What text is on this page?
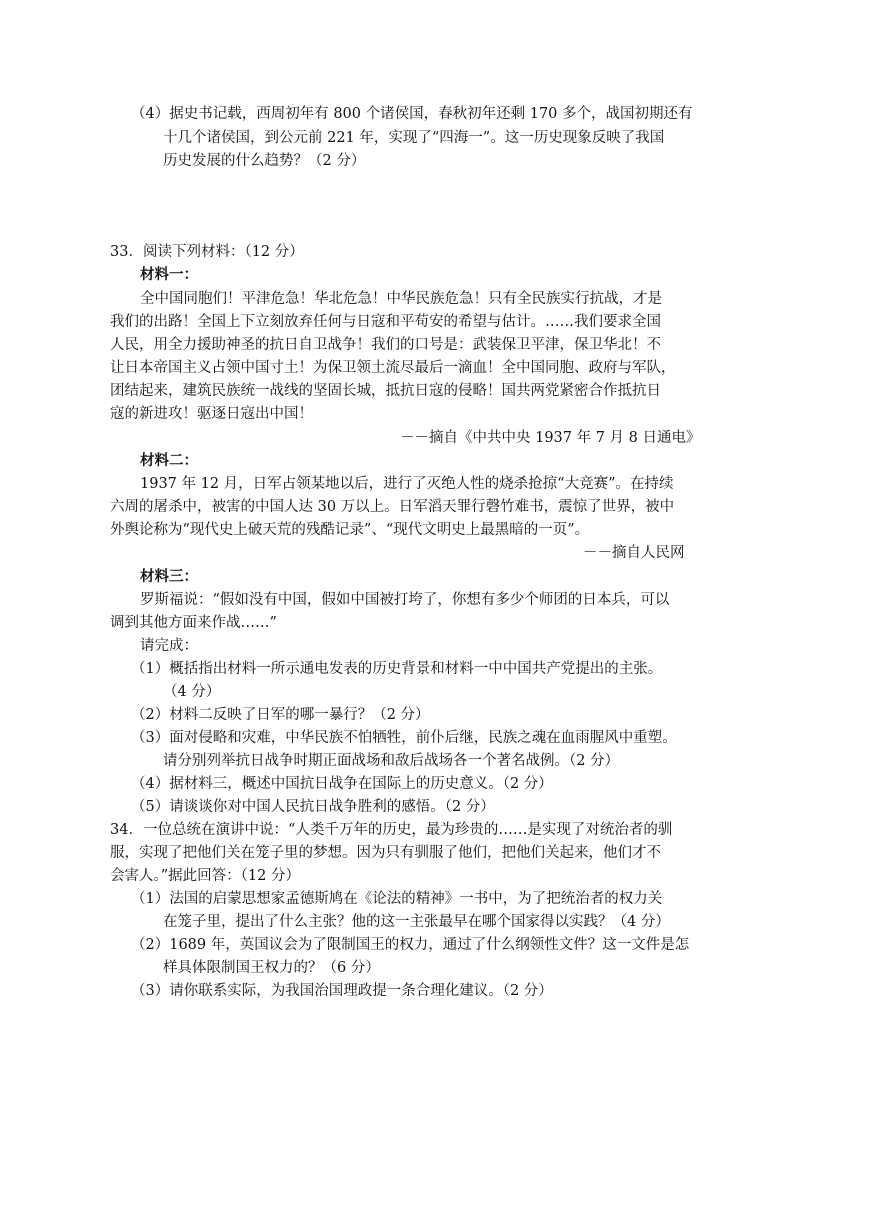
（4）据史书记载，西周初年有 800 个诸侯国，春秋初年还剩 170 多个，战国初期还有
十几个诸侯国，到公元前 221 年，实现了“四海一”。这一历史现象反映了我国
历史发展的什么趋势？（2 分）
33．阅读下列材料：（12 分）
材料一：
全中国同胞们！平津危急！华北危急！中华民族危急！只有全民族实行抗战，才是
我们的出路！全国上下立刻放弃任何与日寇和平苟安的希望与估计。……我们要求全国
人民，用全力援助神圣的抗日自卫战争！我们的口号是：武装保卫平津，保卫华北！不
让日本帝国主义占领中国寸土！为保卫领土流尽最后一滴血！全中国同胞、政府与军队，
团结起来，建筑民族统一战线的坚固长城，抵抗日寇的侵略！国共两党紧密合作抵抗日
寇的新进攻！驱逐日寇出中国！
－－摘自《中共中央 1937 年 7 月 8 日通电》
材料二：
1937 年 12 月，日军占领某地以后，进行了灭绝人性的烧杀抢掠“大竞赛”。在持续
六周的屠杀中，被害的中国人达 30 万以上。日军滔天罪行磬竹难书，震惊了世界，被中
外舆论称为“现代史上破天荒的残酷记录”、“现代文明史上最黑暗的一页”。
－－摘自人民网
材料三：
罗斯福说：“假如没有中国，假如中国被打垮了，你想有多少个师团的日本兵，可以
调到其他方面来作战……”
请完成：
（1）概括指出材料一所示通电发表的历史背景和材料一中中国共产党提出的主张。
（4 分）
（2）材料二反映了日军的哪一暴行？（2 分）
（3）面对侵略和灾难，中华民族不怕牺牲，前仆后继，民族之魂在血雨腥风中重塑。
请分别列举抗日战争时期正面战场和敌后战场各一个著名战例。（2 分）
（4）据材料三，概述中国抗日战争在国际上的历史意义。（2 分）
（5）请谈谈你对中国人民抗日战争胜利的感悟。（2 分）
34．一位总统在演讲中说：“人类千万年的历史，最为珍贵的……是实现了对统治者的驯
服，实现了把他们关在笼子里的梦想。因为只有驯服了他们，把他们关起来，他们才不
会害人。”据此回答：（12 分）
（1）法国的启蒙思想家孟德斯鸠在《论法的精神》一书中，为了把统治者的权力关
在笼子里，提出了什么主张？他的这一主张最早在哪个国家得以实践？（4 分）
（2）1689 年，英国议会为了限制国王的权力，通过了什么纲领性文件？这一文件是怎
样具体限制国王权力的？（6 分）
（3）请你联系实际，为我国治国理政提一条合理化建议。（2 分）
